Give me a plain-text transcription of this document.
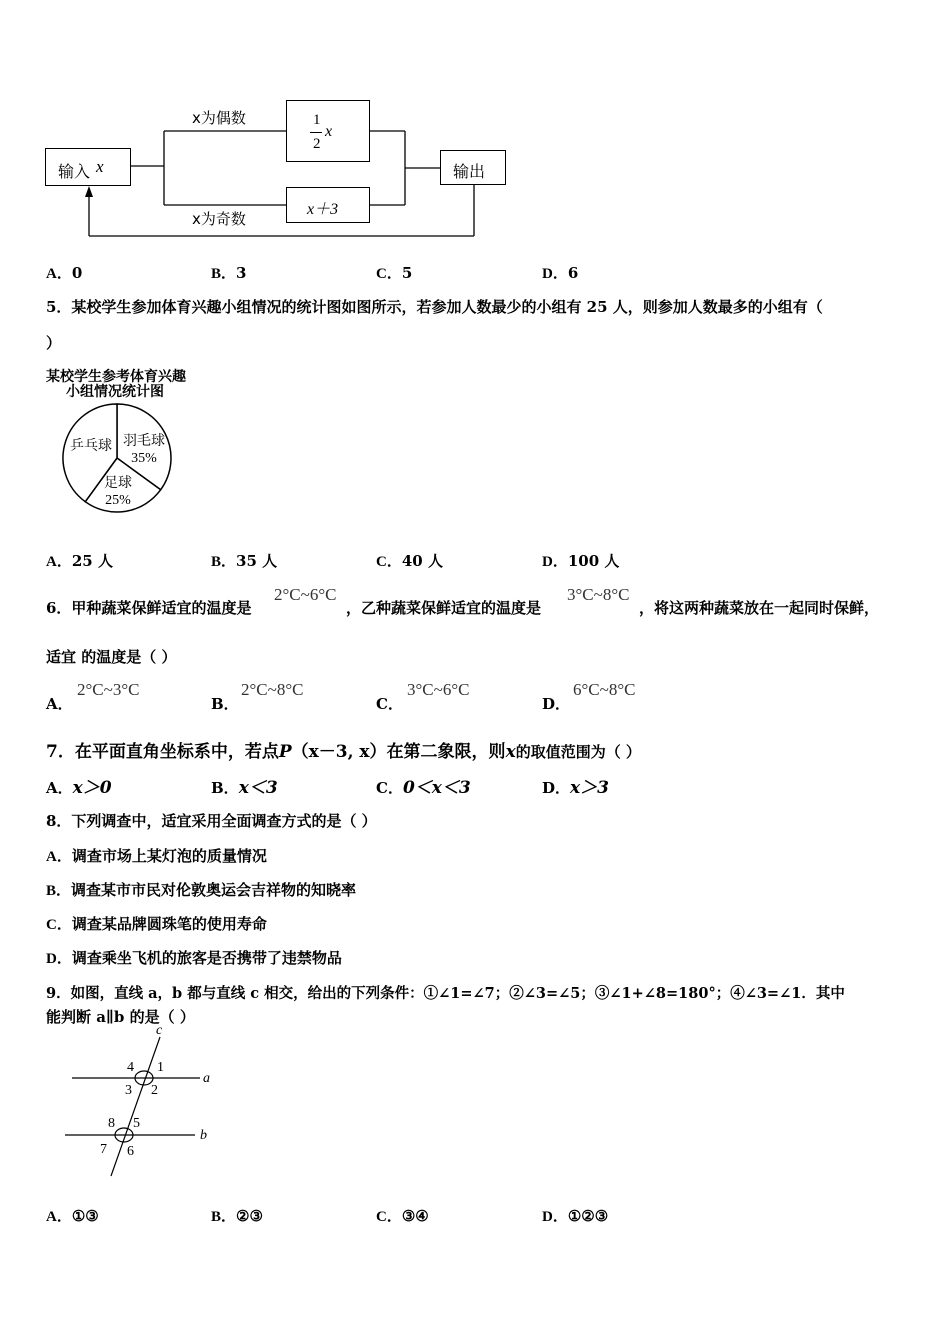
输入 x
x为偶数
x为奇数
1
2
x
x＋3
输出
A．0	B．3	C．5	D．6
5．某校学生参加体育兴趣小组情况的统计图如图所示，若参加人数最少的小组有 25 人，则参加人数最多的小组有（
）
某校学生参考体育兴趣
小组情况统计图
乒乓球 羽毛球
35%
足球
25%
A．25 人	B．35 人	C．40 人	D．100 人
6．甲种蔬菜保鲜适宜的温度是
2°C~6°C
，乙种蔬菜保鲜适宜的温度是
3°C~8°C
，将这两种蔬菜放在一起同时保鲜，
适宜 的温度是（ ）
A．
2°C~3°C
B．
2°C~8°C
C．
3°C~6°C
D．
6°C~8°C
7．在平面直角坐标系中，若点P（x－3, x）在第二象限，则x的取值范围为（ ）
A．x＞0	B．x＜3	C．0＜x＜3	D．x＞3
8．下列调查中，适宜采用全面调查方式的是（ ）
A．调查市场上某灯泡的质量情况
B．调查某市市民对伦敦奥运会吉祥物的知晓率
C．调查某品牌圆珠笔的使用寿命
D．调查乘坐飞机的旅客是否携带了违禁物品
9．如图，直线 a，b 都与直线 c 相交，给出的下列条件：①∠1=∠7；②∠3=∠5；③∠1+∠8=180°；④∠3=∠1．其中
能判断 a∥b 的是（ ）
c
a
b
1
2
3
4
5
6
7
8
A．①③	B．②③	C．③④	D．①②③
